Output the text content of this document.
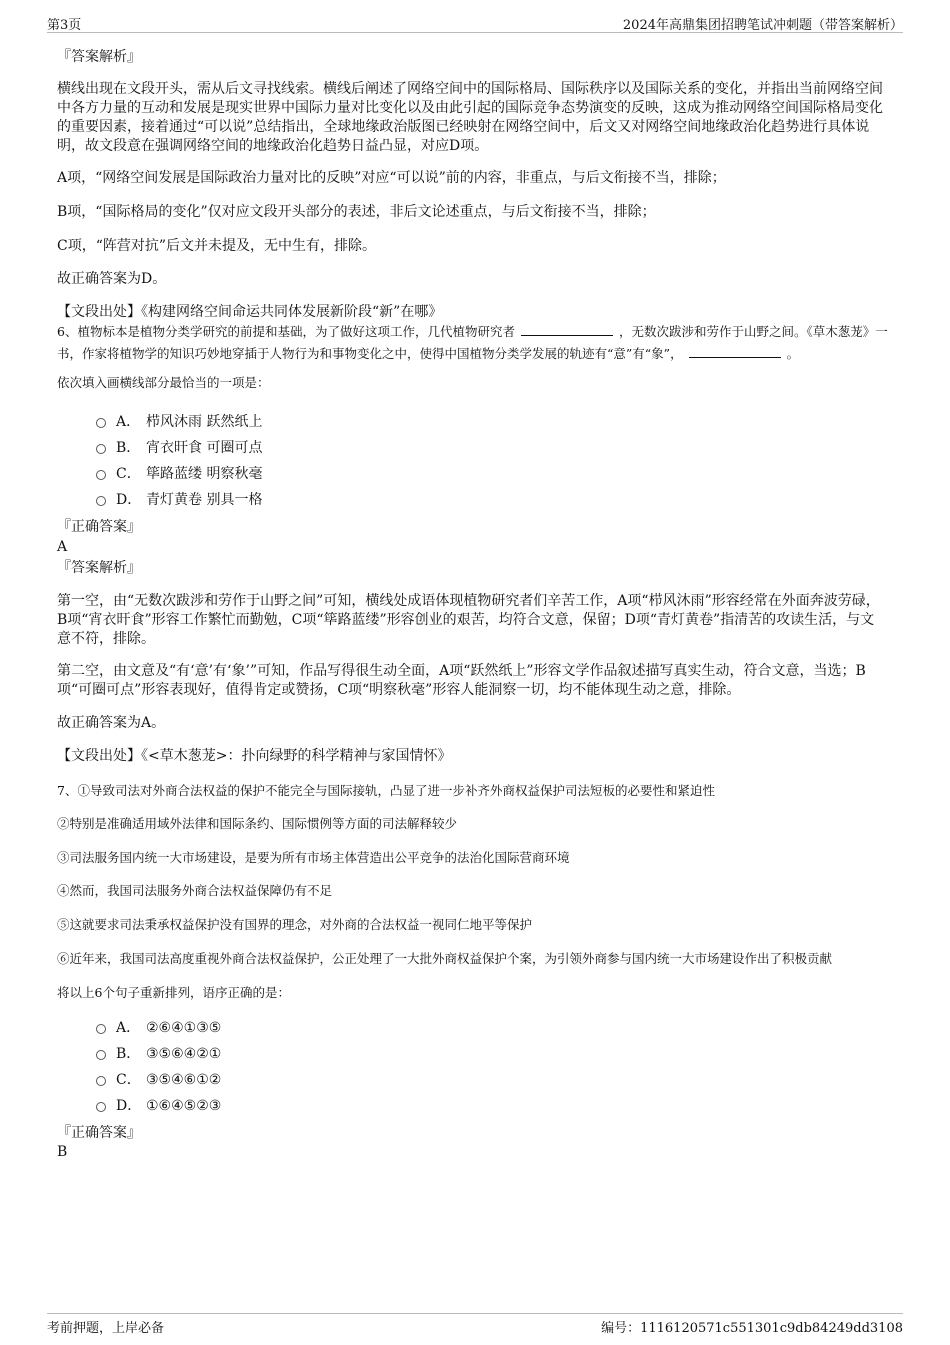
第3页	2024年高鼎集团招聘笔试冲刺题（带答案解析）
『答案解析』
横线出现在文段开头，需从后文寻找线索。横线后阐述了网络空间中的国际格局、国际秩序以及国际关系的变化，并指出当前网络空间中各方力量的互动和发展是现实世界中国际力量对比变化以及由此引起的国际竞争态势演变的反映，这成为推动网络空间国际格局变化的重要因素，接着通过“可以说”总结指出，全球地缘政治版图已经映射在网络空间中，后文又对网络空间地缘政治化趋势进行具体说明，故文段意在强调网络空间的地缘政治化趋势日益凸显，对应D项。
A项，“网络空间发展是国际政治力量对比的反映”对应“可以说”前的内容，非重点，与后文衔接不当，排除；
B项，“国际格局的变化”仅对应文段开头部分的表述，非后文论述重点，与后文衔接不当，排除；
C项，“阵营对抗”后文并未提及，无中生有，排除。
故正确答案为D。
【文段出处】《构建网络空间命运共同体发展新阶段“新”在哪》
6、植物标本是植物分类学研究的前提和基础，为了做好这项工作，几代植物研究者	，无数次跋涉和劳作于山野之间。《草木葱茏》一书，作家将植物学的知识巧妙地穿插于人物行为和事物变化之中，使得中国植物分类学发展的轨迹有“意”有“象”，	。
依次填入画横线部分最恰当的一项是：
A． 栉风沐雨 跃然纸上
B． 宵衣旰食 可圈可点
C． 筚路蓝缕 明察秋毫
D． 青灯黄卷 别具一格
『正确答案』
A
『答案解析』
第一空，由“无数次跋涉和劳作于山野之间”可知，横线处成语体现植物研究者们辛苦工作，A项“栉风沐雨”形容经常在外面奔波劳碌，B项“宵衣旰食”形容工作繁忙而勤勉，C项“筚路蓝缕”形容创业的艰苦，均符合文意，保留；D项“青灯黄卷”指清苦的攻读生活，与文意不符，排除。
第二空，由文意及“有‘意’有‘象’”可知，作品写得很生动全面，A项“跃然纸上”形容文学作品叙述描写真实生动，符合文意，当选；B项“可圈可点”形容表现好，值得肯定或赞扬，C项“明察秋毫”形容人能洞察一切，均不能体现生动之意，排除。
故正确答案为A。
【文段出处】《<草木葱茏>：扑向绿野的科学精神与家国情怀》
7、①导致司法对外商合法权益的保护不能完全与国际接轨，凸显了进一步补齐外商权益保护司法短板的必要性和紧迫性
②特别是准确适用域外法律和国际条约、国际惯例等方面的司法解释较少
③司法服务国内统一大市场建设，是要为所有市场主体营造出公平竞争的法治化国际营商环境
④然而，我国司法服务外商合法权益保障仍有不足
⑤这就要求司法秉承权益保护没有国界的理念，对外商的合法权益一视同仁地平等保护
⑥近年来，我国司法高度重视外商合法权益保护，公正处理了一大批外商权益保护个案，为引领外商参与国内统一大市场建设作出了积极贡献
将以上6个句子重新排列，语序正确的是：
A． ②⑥④①③⑤
B． ③⑤⑥④②①
C． ③⑤④⑥①②
D． ①⑥④⑤②③
『正确答案』
B
考前押题，上岸必备	编号：1116120571c551301c9db84249dd3108
